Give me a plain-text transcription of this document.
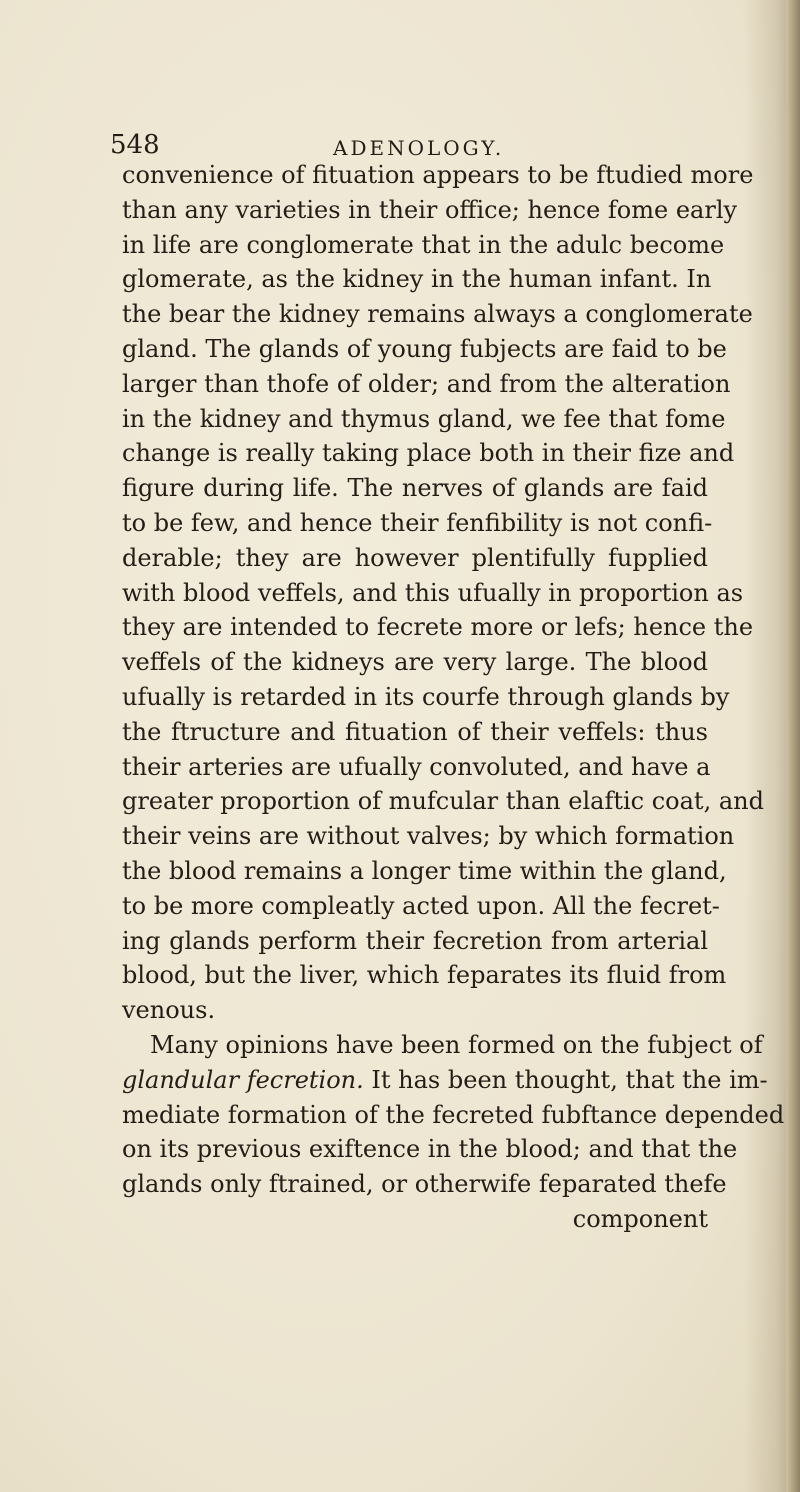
548	ADENOLOGY.
convenience of fituation appears to be ftudied more
than any varieties in their office; hence fome early
in life are conglomerate that in the adulc become
glomerate, as the kidney in the human infant. In
the bear the kidney remains always a conglomerate
gland. The glands of young fubjects are faid to be
larger than thofe of older; and from the alteration
in the kidney and thymus gland, we fee that fome
change is really taking place both in their fize and
figure during life. The nerves of glands are faid
to be few, and hence their fenfibility is not confi-
derable; they are however plentifully fupplied
with blood veffels, and this ufually in proportion as
they are intended to fecrete more or lefs; hence the
veffels of the kidneys are very large. The blood
ufually is retarded in its courfe through glands by
the ftructure and fituation of their veffels: thus
their arteries are ufually convoluted, and have a
greater proportion of mufcular than elaftic coat, and
their veins are without valves; by which formation
the blood remains a longer time within the gland,
to be more compleatly acted upon. All the fecret-
ing glands perform their fecretion from arterial
blood, but the liver, which feparates its fluid from
venous.
Many opinions have been formed on the fubject of
glandular fecretion. It has been thought, that the im-
mediate formation of the fecreted fubftance depended
on its previous exiftence in the blood; and that the
glands only ftrained, or otherwife feparated thefe
component
